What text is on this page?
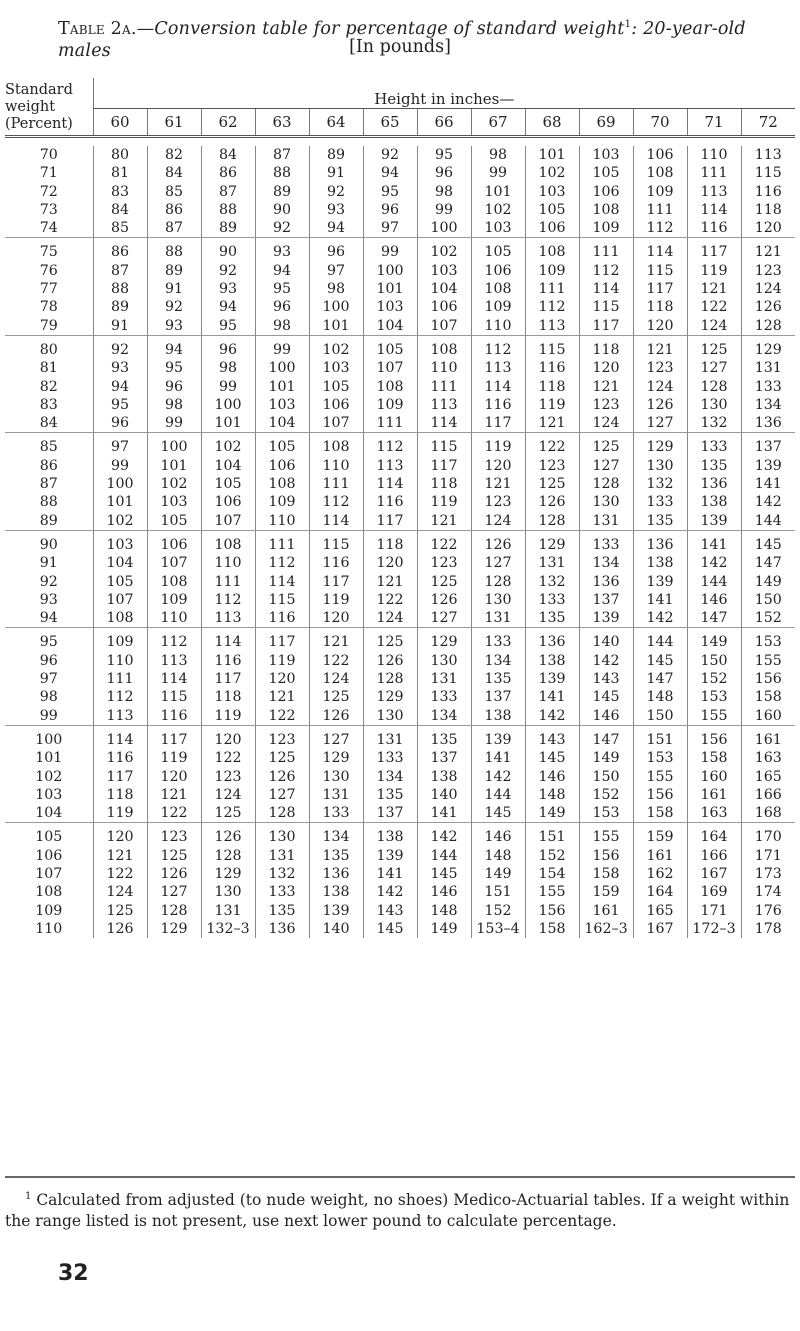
Table 2a.—Conversion table for percentage of standard weight$^1$: 20-year-old males	[In pounds]
Standard
weight
(Percent)	Height in inches—												
	60	61	62	63	64	65	66	67	68	69	70	71	72

70	80	82	84	87	89	92	95	98	101	103	106	110	113
71	81	84	86	88	91	94	96	99	102	105	108	111	115
72	83	85	87	89	92	95	98	101	103	106	109	113	116
73	84	86	88	90	93	96	99	102	105	108	111	114	118
74	85	87	89	92	94	97	100	103	106	109	112	116	120

75	86	88	90	93	96	99	102	105	108	111	114	117	121
76	87	89	92	94	97	100	103	106	109	112	115	119	123
77	88	91	93	95	98	101	104	108	111	114	117	121	124
78	89	92	94	96	100	103	106	109	112	115	118	122	126
79	91	93	95	98	101	104	107	110	113	117	120	124	128

80	92	94	96	99	102	105	108	112	115	118	121	125	129
81	93	95	98	100	103	107	110	113	116	120	123	127	131
82	94	96	99	101	105	108	111	114	118	121	124	128	133
83	95	98	100	103	106	109	113	116	119	123	126	130	134
84	96	99	101	104	107	111	114	117	121	124	127	132	136

85	97	100	102	105	108	112	115	119	122	125	129	133	137
86	99	101	104	106	110	113	117	120	123	127	130	135	139
87	100	102	105	108	111	114	118	121	125	128	132	136	141
88	101	103	106	109	112	116	119	123	126	130	133	138	142
89	102	105	107	110	114	117	121	124	128	131	135	139	144

90	103	106	108	111	115	118	122	126	129	133	136	141	145
91	104	107	110	112	116	120	123	127	131	134	138	142	147
92	105	108	111	114	117	121	125	128	132	136	139	144	149
93	107	109	112	115	119	122	126	130	133	137	141	146	150
94	108	110	113	116	120	124	127	131	135	139	142	147	152

95	109	112	114	117	121	125	129	133	136	140	144	149	153
96	110	113	116	119	122	126	130	134	138	142	145	150	155
97	111	114	117	120	124	128	131	135	139	143	147	152	156
98	112	115	118	121	125	129	133	137	141	145	148	153	158
99	113	116	119	122	126	130	134	138	142	146	150	155	160

100	114	117	120	123	127	131	135	139	143	147	151	156	161
101	116	119	122	125	129	133	137	141	145	149	153	158	163
102	117	120	123	126	130	134	138	142	146	150	155	160	165
103	118	121	124	127	131	135	140	144	148	152	156	161	166
104	119	122	125	128	133	137	141	145	149	153	158	163	168

105	120	123	126	130	134	138	142	146	151	155	159	164	170
106	121	125	128	131	135	139	144	148	152	156	161	166	171
107	122	126	129	132	136	141	145	149	154	158	162	167	173
108	124	127	130	133	138	142	146	151	155	159	164	169	174
109	125	128	131	135	139	143	148	152	156	161	165	171	176
110	126	129	132–3	136	140	145	149	153–4	158	162–3	167	172–3	178
$^1$ Calculated from adjusted (to nude weight, no shoes) Medico-Actuarial tables. If a weight within the range listed is not present, use next lower pound to calculate percentage.
32
